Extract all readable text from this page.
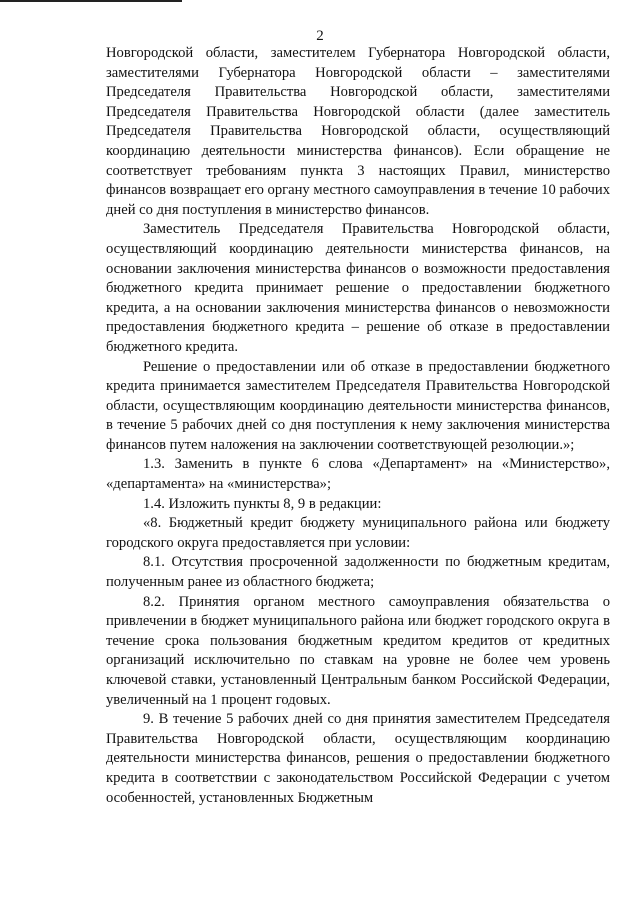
2

Новгородской области, заместителем Губернатора Новгородской области, заместителями Губернатора Новгородской области – заместителями Председателя Правительства Новгородской области, заместителями Председателя Правительства Новгородской области (далее заместитель Председателя Правительства Новгородской области, осуществляющий координацию деятельности министерства финансов). Если обращение не соответствует требованиям пункта 3 настоящих Правил, министерство финансов возвращает его органу местного самоуправления в течение 10 рабочих дней со дня поступления в министерство финансов.

Заместитель Председателя Правительства Новгородской области, осуществляющий координацию деятельности министерства финансов, на основании заключения министерства финансов о возможности предоставления бюджетного кредита принимает решение о предоставлении бюджетного кредита, а на основании заключения министерства финансов о невозможности предоставления бюджетного кредита – решение об отказе в предоставлении бюджетного кредита.

Решение о предоставлении или об отказе в предоставлении бюджетного кредита принимается заместителем Председателя Правительства Новгородской области, осуществляющим координацию деятельности министерства финансов, в течение 5 рабочих дней со дня поступления к нему заключения министерства финансов путем наложения на заключении соответствующей резолюции.»;

1.3. Заменить в пункте 6 слова «Департамент» на «Министерство», «департамента» на «министерства»;

1.4. Изложить пункты 8, 9 в редакции:

«8. Бюджетный кредит бюджету муниципального района или бюджету городского округа предоставляется при условии:

8.1. Отсутствия просроченной задолженности по бюджетным кредитам, полученным ранее из областного бюджета;

8.2. Принятия органом местного самоуправления обязательства о привлечении в бюджет муниципального района или бюджет городского округа в течение срока пользования бюджетным кредитом кредитов от кредитных организаций исключительно по ставкам на уровне не более чем уровень ключевой ставки, установленный Центральным банком Российской Федерации, увеличенный на 1 процент годовых.

9. В течение 5 рабочих дней со дня принятия заместителем Председателя Правительства Новгородской области, осуществляющим координацию деятельности министерства финансов, решения о предоставлении бюджетного кредита в соответствии с законодательством Российской Федерации с учетом особенностей, установленных Бюджетным
